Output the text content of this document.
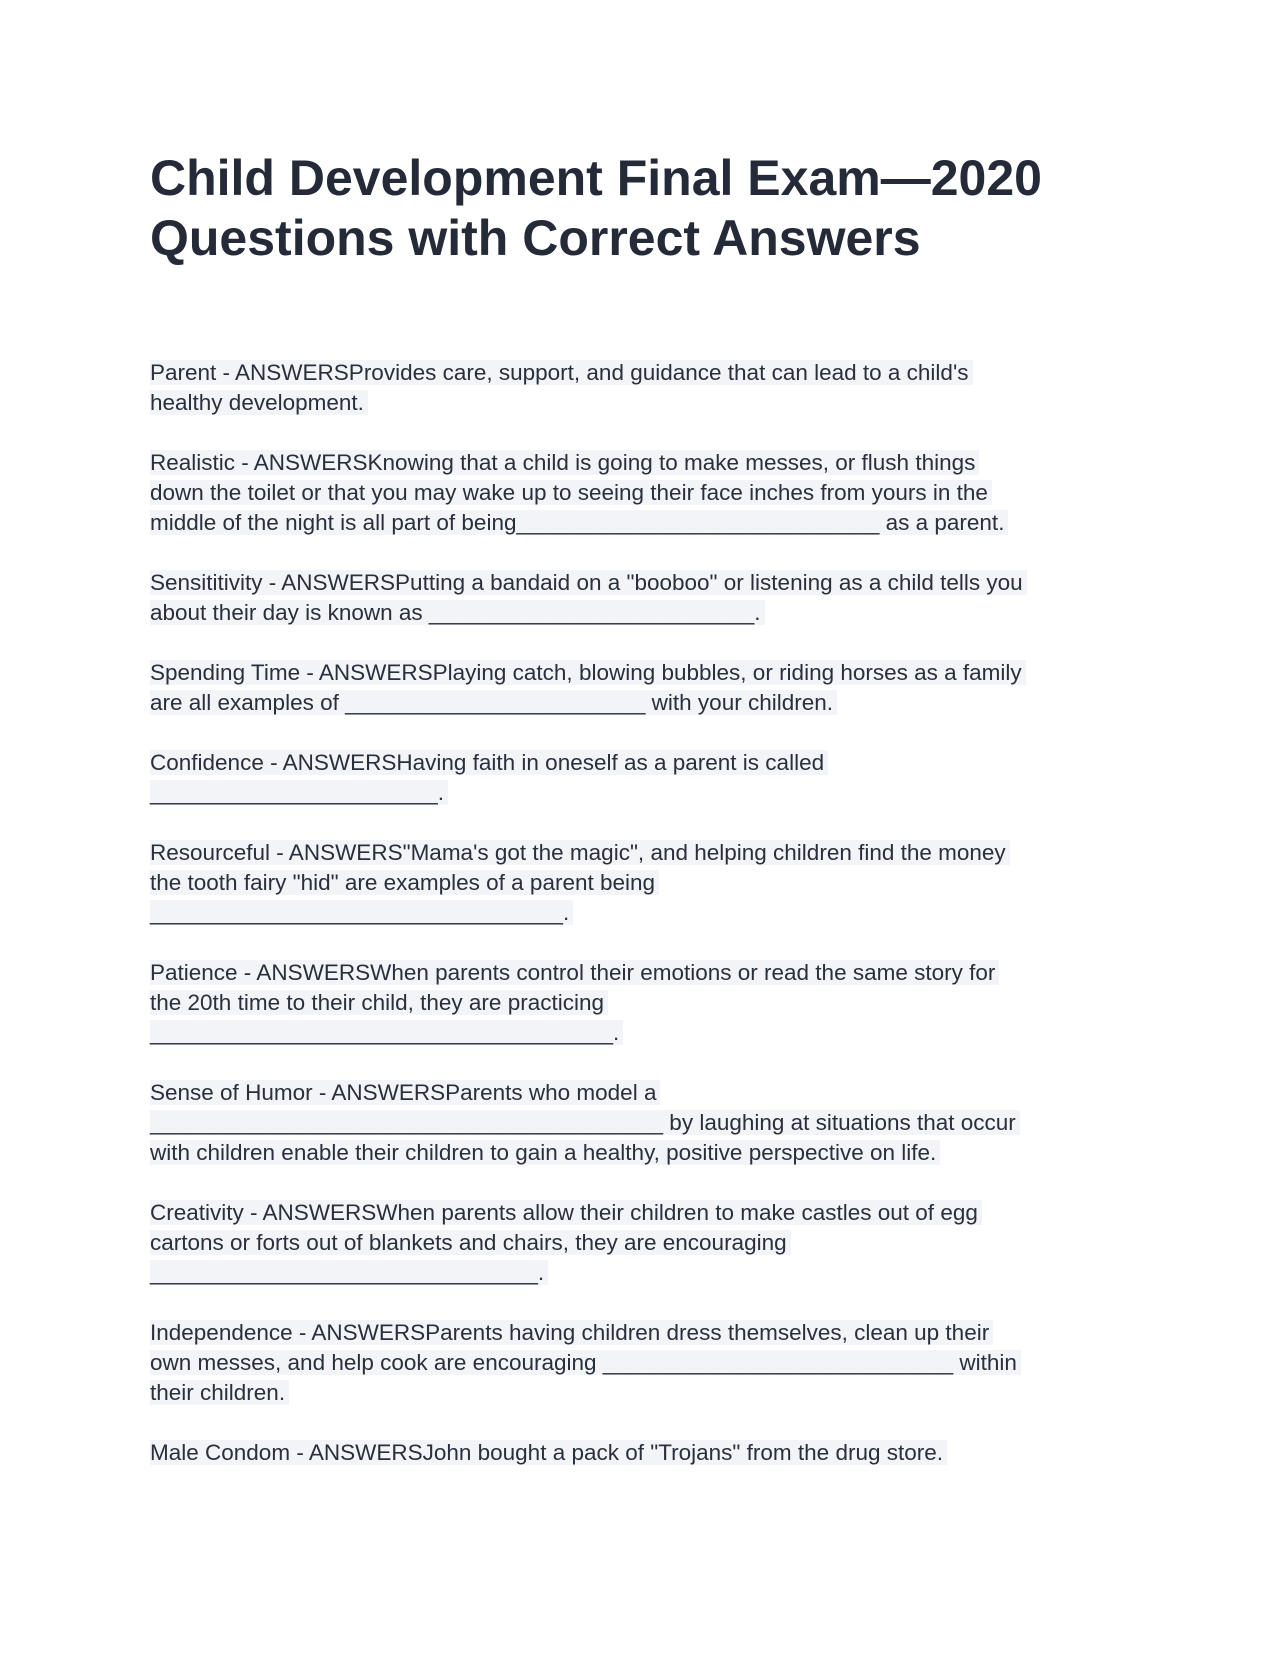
Child Development Final Exam—2020
Questions with Correct Answers

Parent - ANSWERSProvides care, support, and guidance that can lead to a child's
healthy development.

Realistic - ANSWERSKnowing that a child is going to make messes, or flush things
down the toilet or that you may wake up to seeing their face inches from yours in the
middle of the night is all part of being_____________________________ as a parent.

Sensititivity - ANSWERSPutting a bandaid on a "booboo" or listening as a child tells you
about their day is known as __________________________.

Spending Time - ANSWERSPlaying catch, blowing bubbles, or riding horses as a family
are all examples of ________________________ with your children.

Confidence - ANSWERSHaving faith in oneself as a parent is called
_______________________.

Resourceful - ANSWERS"Mama's got the magic", and helping children find the money
the tooth fairy "hid" are examples of a parent being
_________________________________.

Patience - ANSWERSWhen parents control their emotions or read the same story for
the 20th time to their child, they are practicing
_____________________________________.

Sense of Humor - ANSWERSParents who model a
_________________________________________ by laughing at situations that occur
with children enable their children to gain a healthy, positive perspective on life.

Creativity - ANSWERSWhen parents allow their children to make castles out of egg
cartons or forts out of blankets and chairs, they are encouraging
_______________________________.

Independence - ANSWERSParents having children dress themselves, clean up their
own messes, and help cook are encouraging ____________________________ within
their children.

Male Condom - ANSWERSJohn bought a pack of "Trojans" from the drug store.
